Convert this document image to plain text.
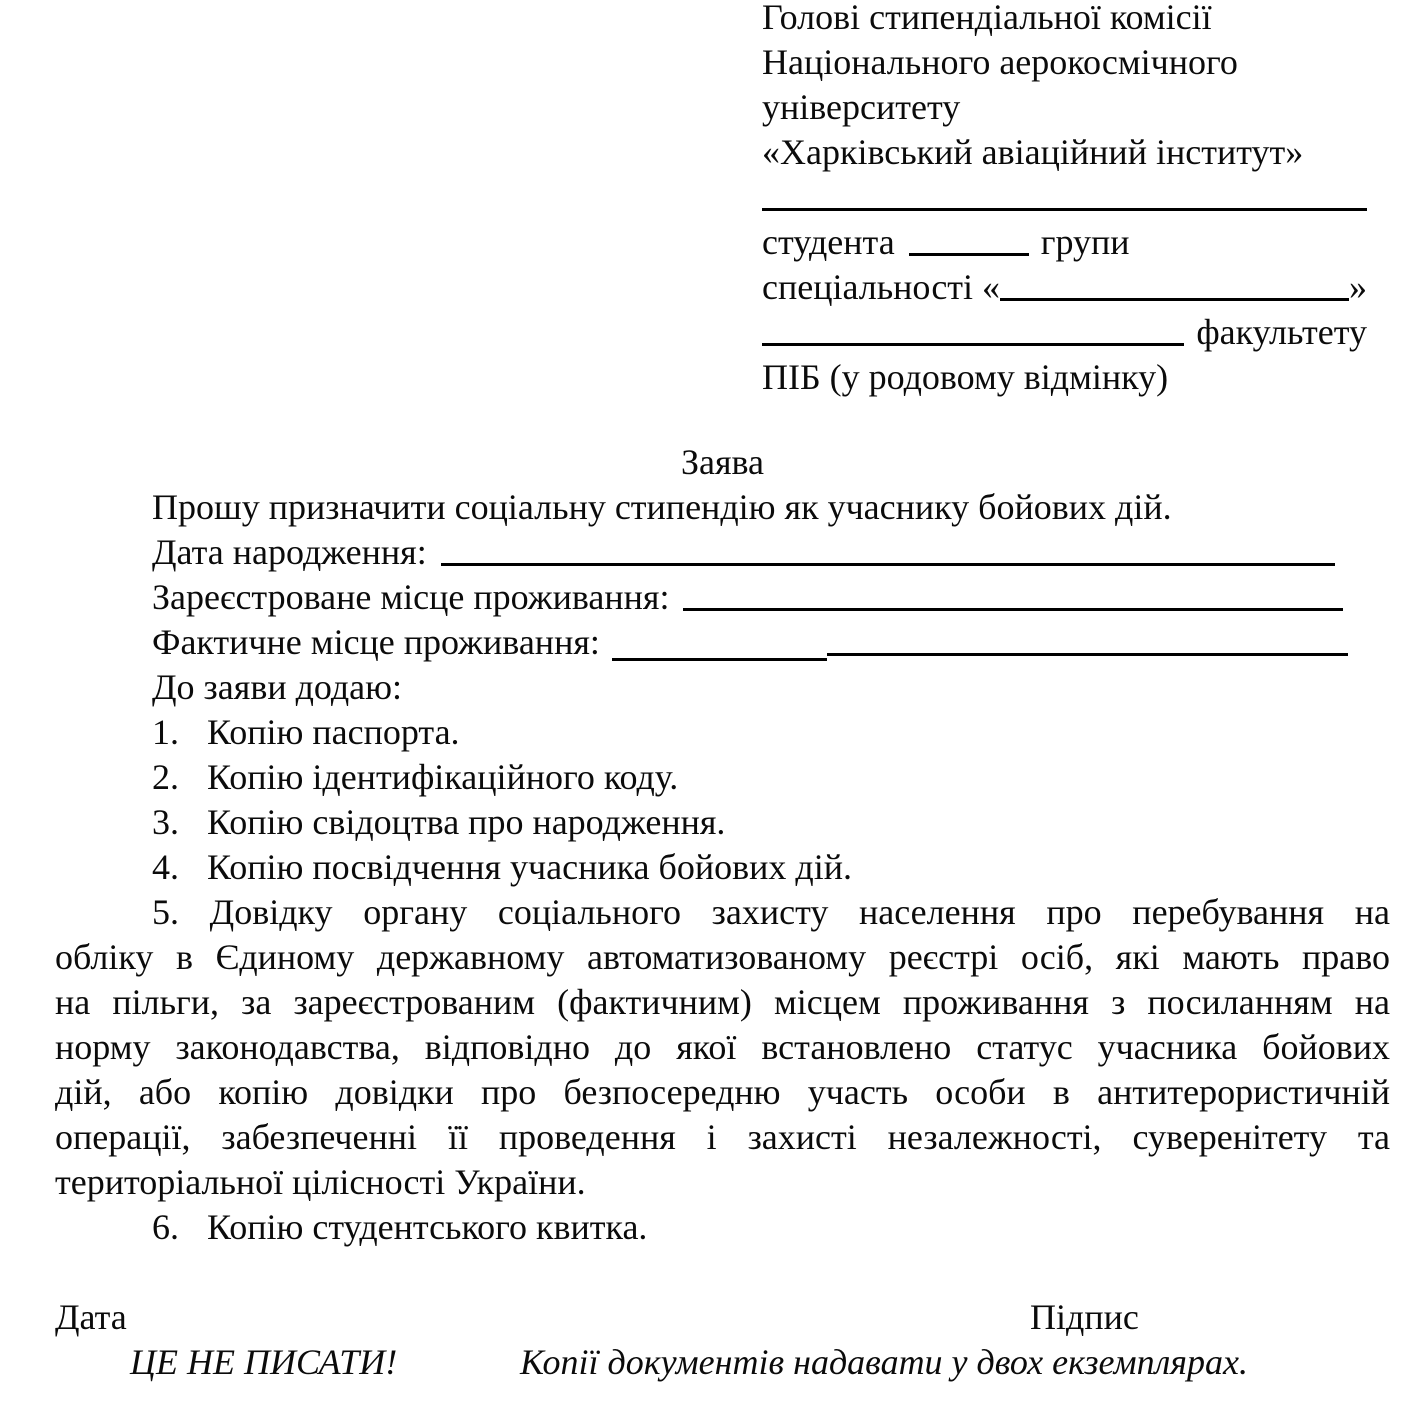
Голові стипендіальної комісії
Національного аерокосмічного
університету
«Харківський авіаційний інститут»
студента	групи
спеціальності «	»
факультету
ПІБ (у родовому відмінку)
Заява
Прошу призначити соціальну стипендію як учаснику бойових дій.
Дата народження:
Зареєстроване місце проживання:
Фактичне місце проживання:
До заяви додаю:
1. Копію паспорта.
2. Копію ідентифікаційного коду.
3. Копію свідоцтва про народження.
4. Копію посвідчення учасника бойових дій.
5. Довідку органу соціального захисту населення про перебування на
обліку в Єдиному державному автоматизованому реєстрі осіб, які мають право
на пільги, за зареєстрованим (фактичним) місцем проживання з посиланням на
норму законодавства, відповідно до якої встановлено статус учасника бойових
дій, або копію довідки про безпосередню участь особи в антитерористичній
операції, забезпеченні її проведення і захисті незалежності, суверенітету та
територіальної цілісності України.
6. Копію студентського квитка.
Дата	Підпис
ЦЕ НЕ ПИСАТИ!	Копії документів надавати у двох екземплярах.
